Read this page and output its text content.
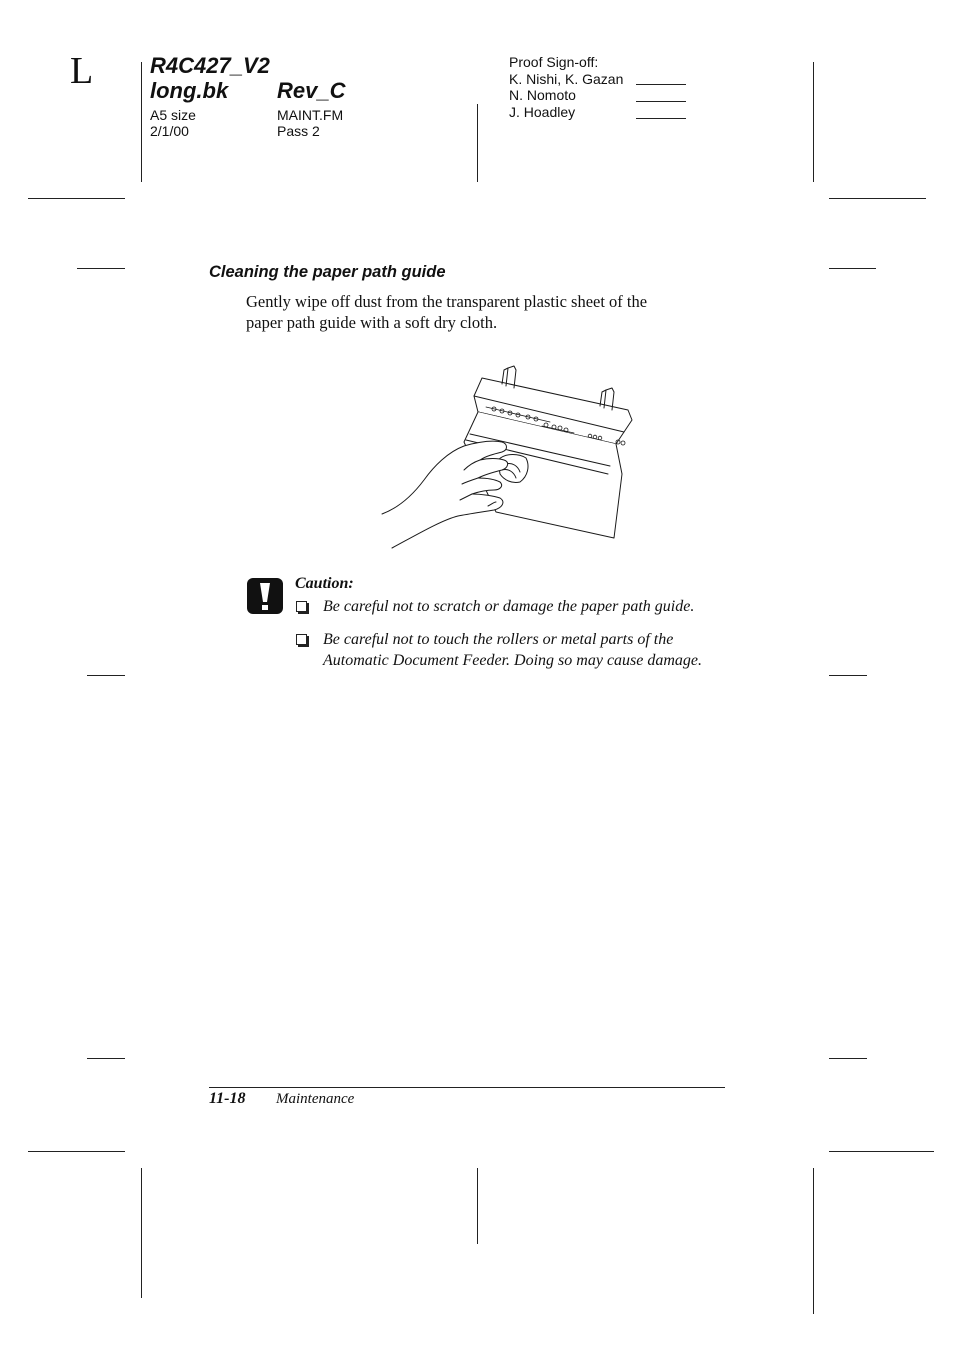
L	R4C427_V2
long.bk Rev_C
A5 size
2/1/00
MAINT.FM
Pass 2
Proof Sign-off:
K. Nishi, K. Gazan
N. Nomoto
J. Hoadley
Cleaning the paper path guide
Gently wipe off dust from the transparent plastic sheet of the
paper path guide with a soft dry cloth.
Caution:
Be careful not to scratch or damage the paper path guide.
Be careful not to touch the rollers or metal parts of the
Automatic Document Feeder. Doing so may cause damage.
11-18 Maintenance
